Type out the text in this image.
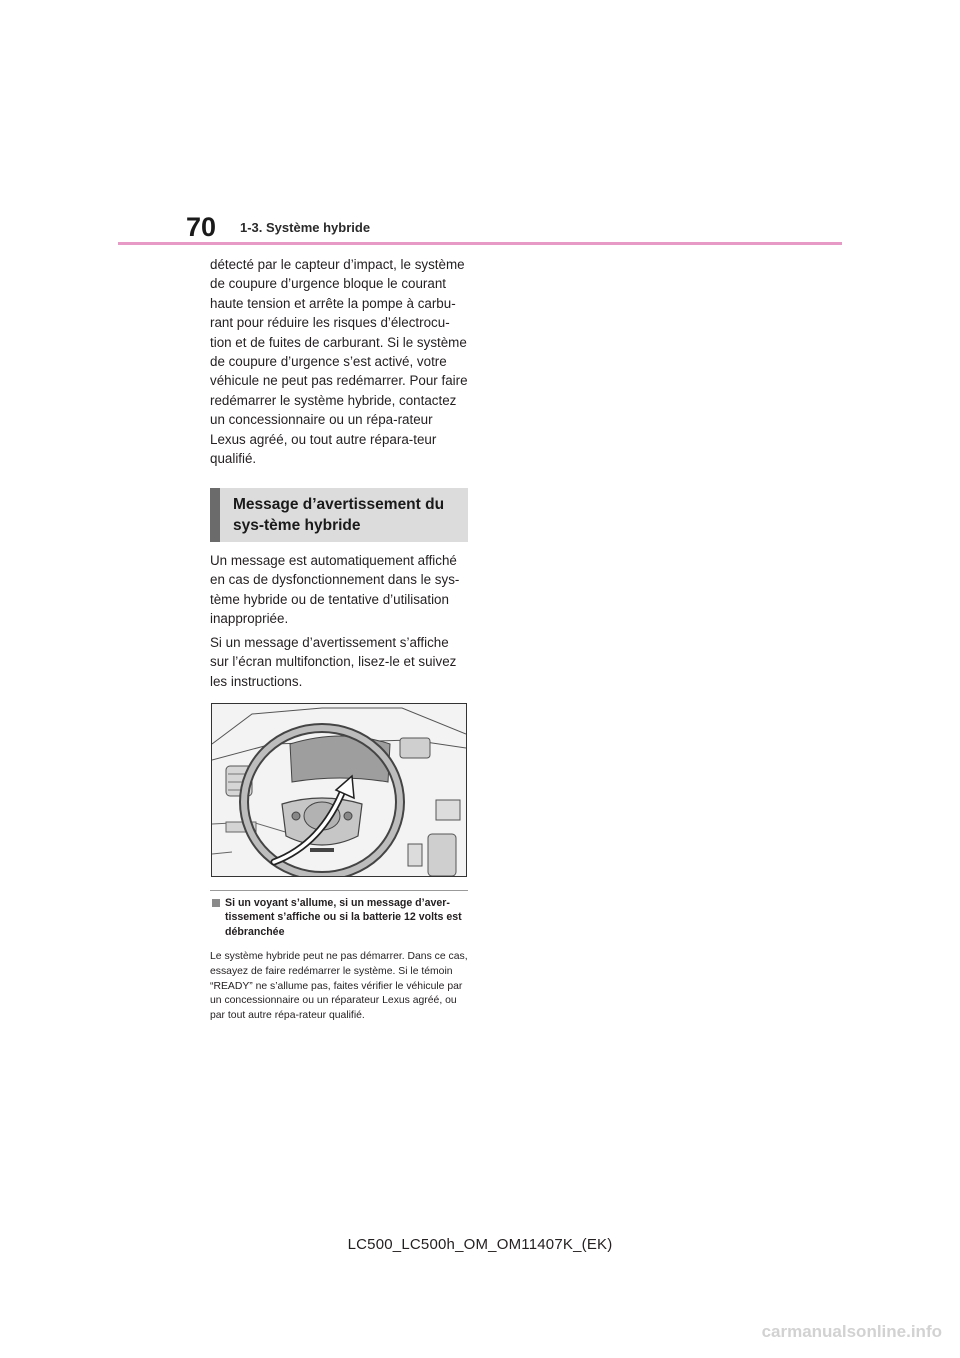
70 1-3. Système hybride

détecté par le capteur d’impact, le système de coupure d’urgence bloque le courant haute tension et arrête la pompe à carbu-rant pour réduire les risques d’électrocu-tion et de fuites de carburant. Si le système de coupure d’urgence s’est activé, votre véhicule ne peut pas redémarrer. Pour faire redémarrer le système hybride, contactez un concessionnaire ou un répa-rateur Lexus agréé, ou tout autre répara-teur qualifié.

Message d’avertissement du sys-tème hybride

Un message est automatiquement affiché en cas de dysfonctionnement dans le sys-tème hybride ou de tentative d’utilisation inappropriée.

Si un message d’avertissement s’affiche sur l’écran multifonction, lisez-le et suivez les instructions.

Si un voyant s’allume, si un message d’aver-tissement s’affiche ou si la batterie 12 volts est débranchée

Le système hybride peut ne pas démarrer. Dans ce cas, essayez de faire redémarrer le système. Si le témoin “READY” ne s’allume pas, faites vérifier le véhicule par un concessionnaire ou un réparateur Lexus agréé, ou par tout autre répa-rateur qualifié.

LC500_LC500h_OM_OM11407K_(EK)
carmanualsonline.info
